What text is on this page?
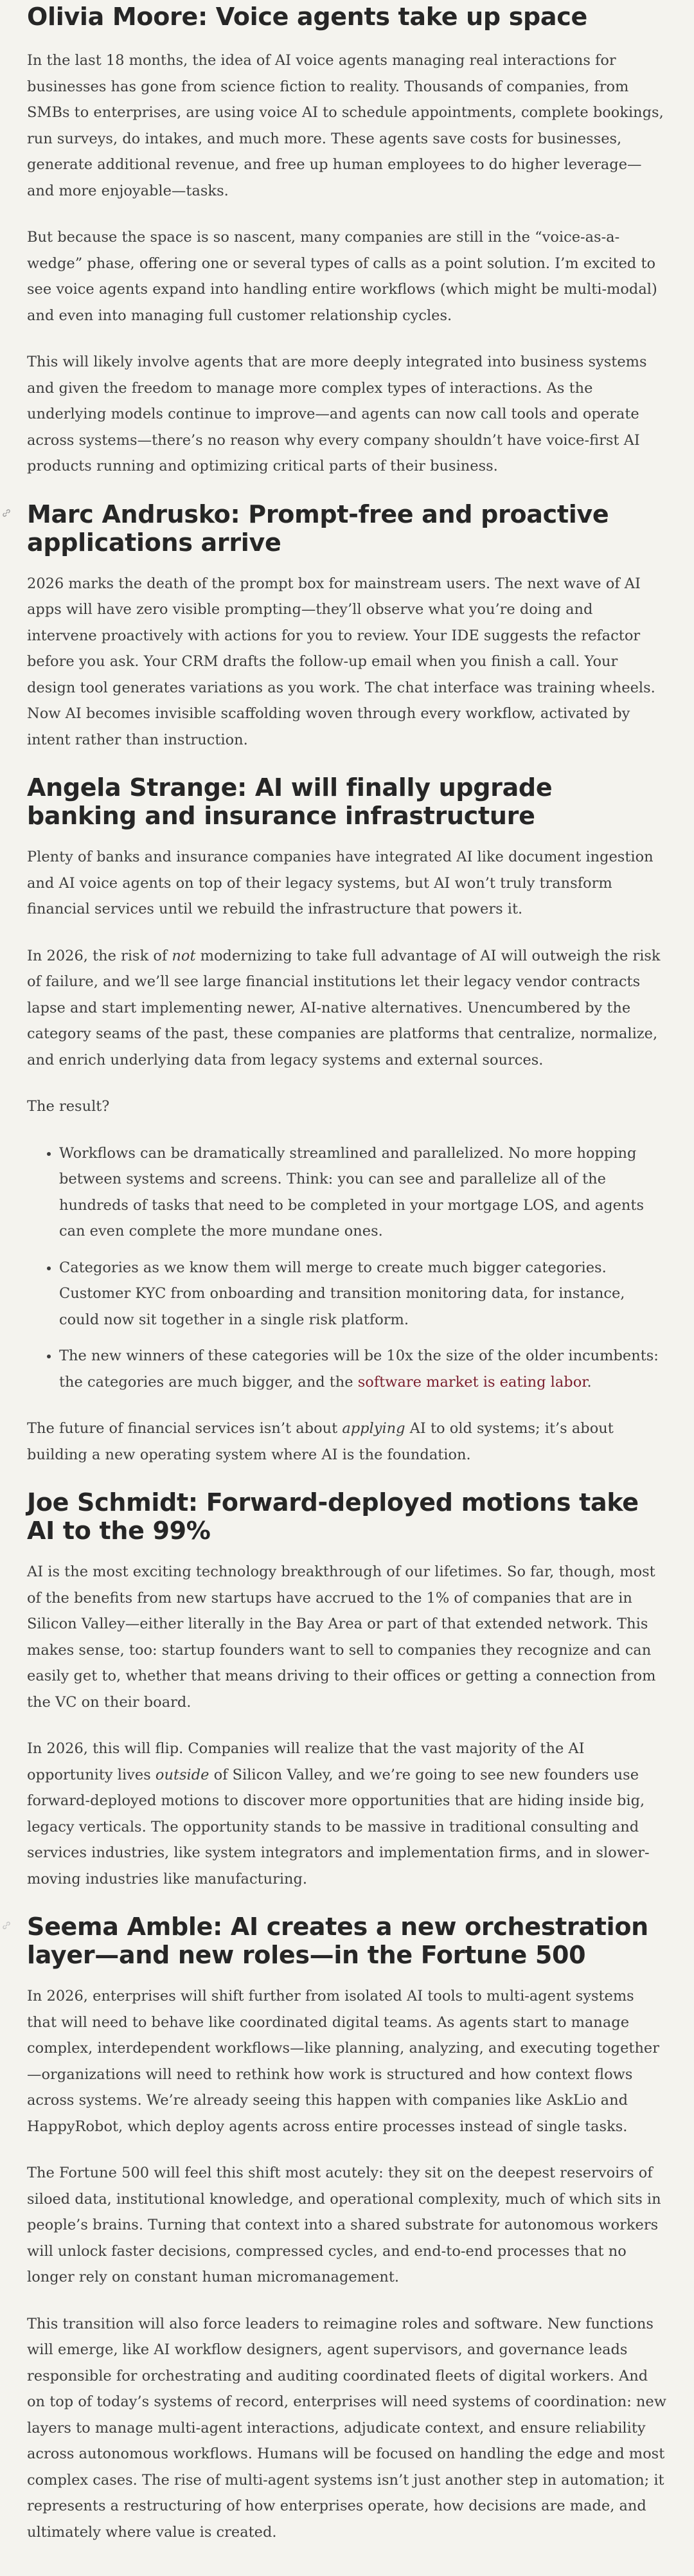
Olivia Moore: Voice agents take up space

In the last 18 months, the idea of AI voice agents managing real interactions for businesses has gone from science fiction to reality. Thousands of companies, from SMBs to enterprises, are using voice AI to schedule appointments, complete bookings, run surveys, do intakes, and much more. These agents save costs for businesses, generate additional revenue, and free up human employees to do higher leverage—and more enjoyable—tasks.

But because the space is so nascent, many companies are still in the “voice-as-a-wedge” phase, offering one or several types of calls as a point solution. I’m excited to see voice agents expand into handling entire workflows (which might be multi-modal) and even into managing full customer relationship cycles.

This will likely involve agents that are more deeply integrated into business systems and given the freedom to manage more complex types of interactions. As the underlying models continue to improve—and agents can now call tools and operate across systems—there’s no reason why every company shouldn’t have voice-first AI products running and optimizing critical parts of their business.

Marc Andrusko: Prompt-free and proactive applications arrive

2026 marks the death of the prompt box for mainstream users. The next wave of AI apps will have zero visible prompting—they’ll observe what you’re doing and intervene proactively with actions for you to review. Your IDE suggests the refactor before you ask. Your CRM drafts the follow-up email when you finish a call. Your design tool generates variations as you work. The chat interface was training wheels. Now AI becomes invisible scaffolding woven through every workflow, activated by intent rather than instruction.

Angela Strange: AI will finally upgrade banking and insurance infrastructure

Plenty of banks and insurance companies have integrated AI like document ingestion and AI voice agents on top of their legacy systems, but AI won’t truly transform financial services until we rebuild the infrastructure that powers it.

In 2026, the risk of not modernizing to take full advantage of AI will outweigh the risk of failure, and we’ll see large financial institutions let their legacy vendor contracts lapse and start implementing newer, AI-native alternatives. Unencumbered by the category seams of the past, these companies are platforms that centralize, normalize, and enrich underlying data from legacy systems and external sources.

The result?

• Workflows can be dramatically streamlined and parallelized. No more hopping between systems and screens. Think: you can see and parallelize all of the hundreds of tasks that need to be completed in your mortgage LOS, and agents can even complete the more mundane ones.
• Categories as we know them will merge to create much bigger categories. Customer KYC from onboarding and transition monitoring data, for instance, could now sit together in a single risk platform.
• The new winners of these categories will be 10x the size of the older incumbents: the categories are much bigger, and the software market is eating labor.

The future of financial services isn’t about applying AI to old systems; it’s about building a new operating system where AI is the foundation.

Joe Schmidt: Forward-deployed motions take AI to the 99%

AI is the most exciting technology breakthrough of our lifetimes. So far, though, most of the benefits from new startups have accrued to the 1% of companies that are in Silicon Valley—either literally in the Bay Area or part of that extended network. This makes sense, too: startup founders want to sell to companies they recognize and can easily get to, whether that means driving to their offices or getting a connection from the VC on their board.

In 2026, this will flip. Companies will realize that the vast majority of the AI opportunity lives outside of Silicon Valley, and we’re going to see new founders use forward-deployed motions to discover more opportunities that are hiding inside big, legacy verticals. The opportunity stands to be massive in traditional consulting and services industries, like system integrators and implementation firms, and in slower-moving industries like manufacturing.

Seema Amble: AI creates a new orchestration layer—and new roles—in the Fortune 500

In 2026, enterprises will shift further from isolated AI tools to multi-agent systems that will need to behave like coordinated digital teams. As agents start to manage complex, interdependent workflows—like planning, analyzing, and executing together—organizations will need to rethink how work is structured and how context flows across systems. We’re already seeing this happen with companies like AskLio and HappyRobot, which deploy agents across entire processes instead of single tasks.

The Fortune 500 will feel this shift most acutely: they sit on the deepest reservoirs of siloed data, institutional knowledge, and operational complexity, much of which sits in people’s brains. Turning that context into a shared substrate for autonomous workers will unlock faster decisions, compressed cycles, and end-to-end processes that no longer rely on constant human micromanagement.

This transition will also force leaders to reimagine roles and software. New functions will emerge, like AI workflow designers, agent supervisors, and governance leads responsible for orchestrating and auditing coordinated fleets of digital workers. And on top of today’s systems of record, enterprises will need systems of coordination: new layers to manage multi-agent interactions, adjudicate context, and ensure reliability across autonomous workflows. Humans will be focused on handling the edge and most complex cases. The rise of multi-agent systems isn’t just another step in automation; it represents a restructuring of how enterprises operate, how decisions are made, and ultimately where value is created.
